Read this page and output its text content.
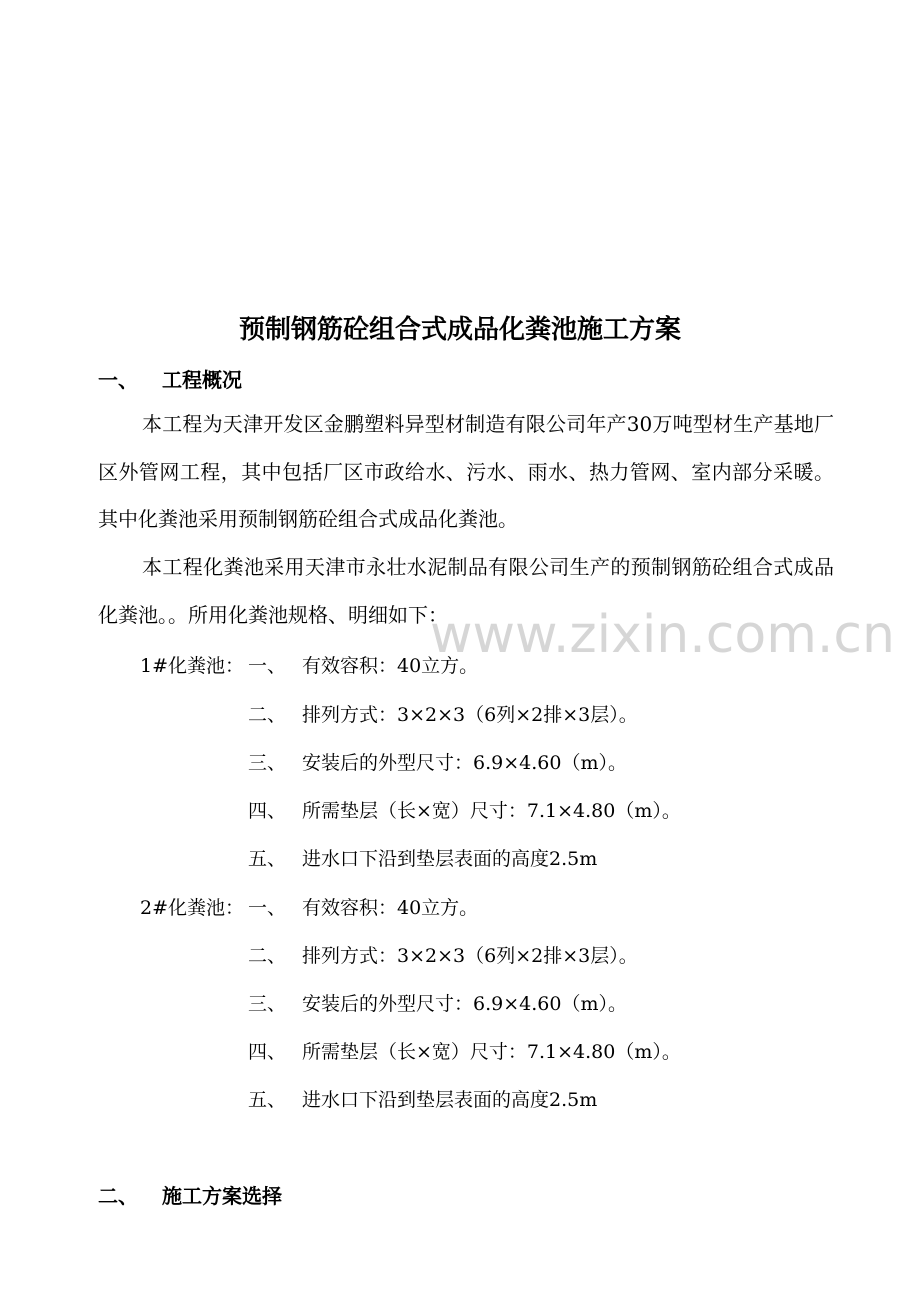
预制钢筋砼组合式成品化粪池施工方案
一、 工程概况

本工程为天津开发区金鹏塑料异型材制造有限公司年产30万吨型材生产基地厂区外管网工程，其中包括厂区市政给水、污水、雨水、热力管网、室内部分采暖。其中化粪池采用预制钢筋砼组合式成品化粪池。

本工程化粪池采用天津市永壮水泥制品有限公司生产的预制钢筋砼组合式成品化粪池。。所用化粪池规格、明细如下：

1#化粪池： 一、 有效容积：40立方。
二、 排列方式：3×2×3（6列×2排×3层）。
三、 安装后的外型尺寸：6.9×4.60（m）。
四、 所需垫层（长×宽）尺寸：7.1×4.80（m）。
五、 进水口下沿到垫层表面的高度2.5m
2#化粪池： 一、 有效容积：40立方。
二、 排列方式：3×2×3（6列×2排×3层）。
三、 安装后的外型尺寸：6.9×4.60（m）。
四、 所需垫层（长×宽）尺寸：7.1×4.80（m）。
五、 进水口下沿到垫层表面的高度2.5m
二、 施工方案选择
www.zixin.com.cn
